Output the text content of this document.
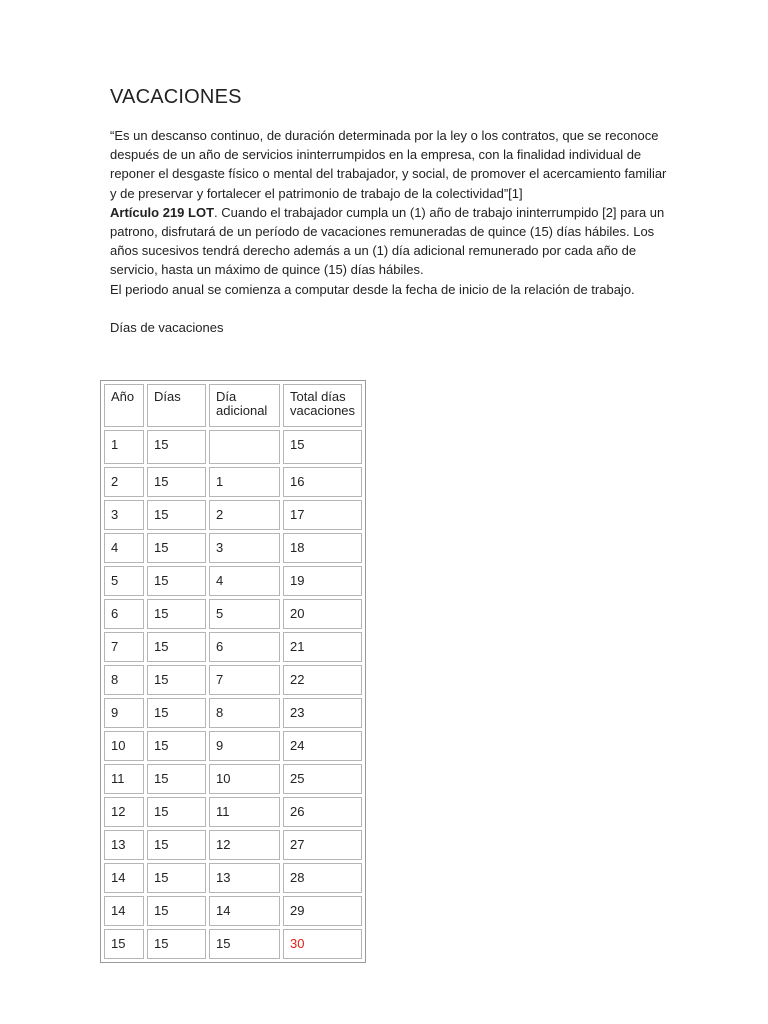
VACACIONES

“Es un descanso continuo, de duración determinada por la ley o los contratos, que se reconoce después de un año de servicios ininterrumpidos en la empresa, con la finalidad individual de reponer el desgaste físico o mental del trabajador, y social, de promover el acercamiento familiar y de preservar y fortalecer el patrimonio de trabajo de la colectividad”[1]
Artículo 219 LOT. Cuando el trabajador cumpla un (1) año de trabajo ininterrumpido [2] para un patrono, disfrutará de un período de vacaciones remuneradas de quince (15) días hábiles. Los años sucesivos tendrá derecho además a un (1) día adicional remunerado por cada año de servicio, hasta un máximo de quince (15) días hábiles.
El periodo anual se comienza a computar desde la fecha de inicio de la relación de trabajo.

Días de vacaciones
Año	Días	Día adicional	Total días vacaciones
1	15		15
2	15	1	16
3	15	2	17
4	15	3	18
5	15	4	19
6	15	5	20
7	15	6	21
8	15	7	22
9	15	8	23
10	15	9	24
11	15	10	25
12	15	11	26
13	15	12	27
14	15	13	28
14	15	14	29
15	15	15	30
